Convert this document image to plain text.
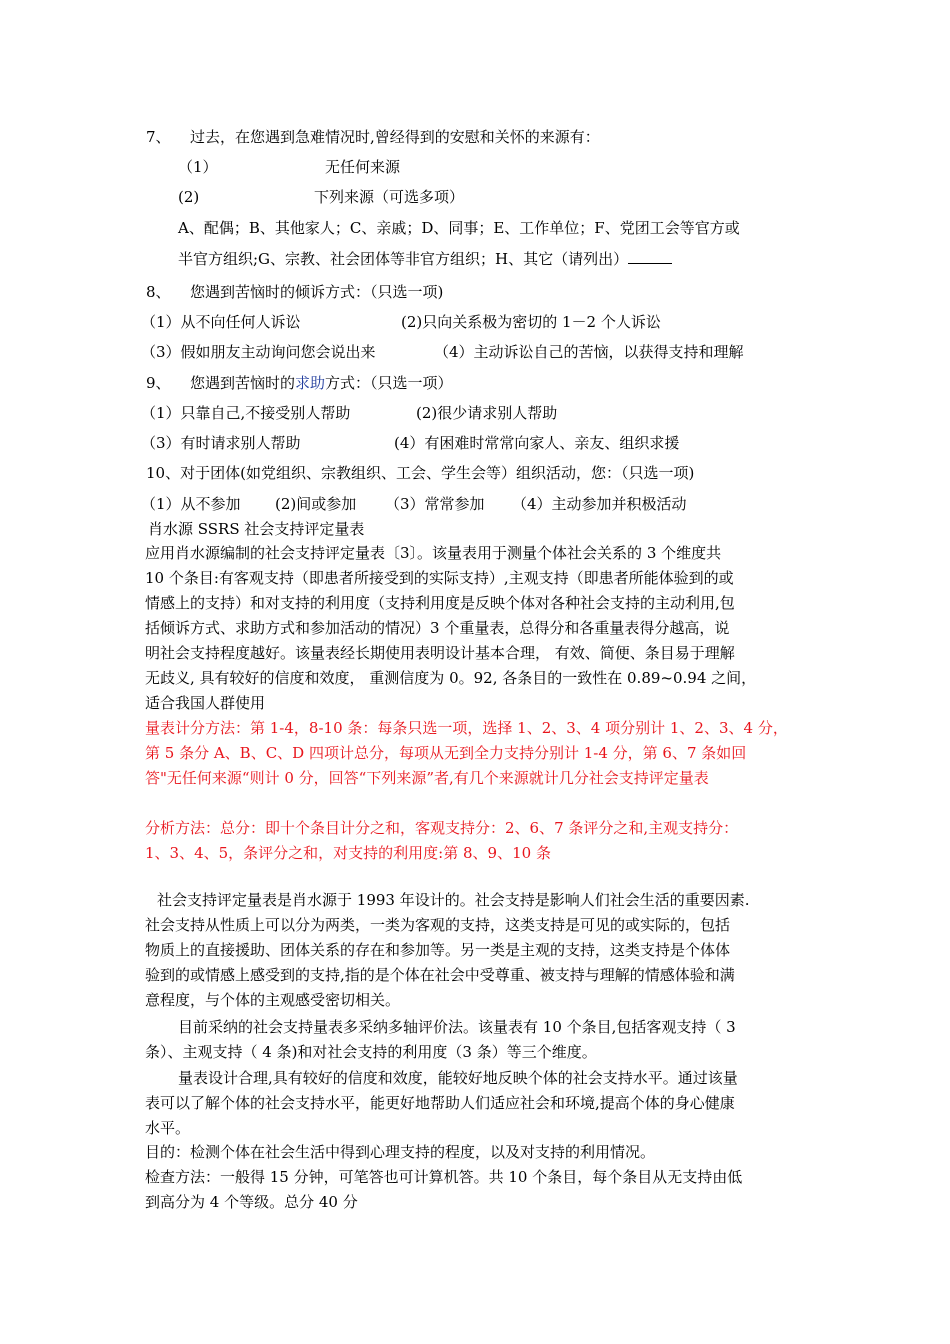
7、 过去，在您遇到急难情况时,曾经得到的安慰和关怀的来源有：
（1）	无任何来源
(2)	下列来源（可选多项）
A、配偶；B、其他家人；C、亲戚；D、同事；E、工作单位；F、党团工会等官方或
半官方组织;G、宗教、社会团体等非官方组织；H、其它（请列出）
8、 您遇到苦恼时的倾诉方式：（只选一项)
（1）从不向任何人诉讼	(2)只向关系极为密切的 1－2 个人诉讼
（3）假如朋友主动询问您会说出来	（4）主动诉讼自己的苦恼，以获得支持和理解
9、 您遇到苦恼时的求助方式：（只选一项）
（1）只靠自己,不接受别人帮助	(2)很少请求别人帮助
（3）有时请求别人帮助	(4）有困难时常常向家人、亲友、组织求援
10、对于团体(如党组织、宗教组织、工会、学生会等）组织活动，您：（只选一项)
（1）从不参加 (2)间或参加 （3）常常参加 （4）主动参加并积极活动
肖水源 SSRS 社会支持评定量表
应用肖水源编制的社会支持评定量表〔3〕。该量表用于测量个体社会关系的 3 个维度共
10 个条目:有客观支持（即患者所接受到的实际支持）,主观支持（即患者所能体验到的或
情感上的支持）和对支持的利用度（支持利用度是反映个体对各种社会支持的主动利用,包
括倾诉方式、求助方式和参加活动的情况）3 个重量表，总得分和各重量表得分越高，说
明社会支持程度越好。该量表经长期使用表明设计基本合理， 有效、简便、条目易于理解
无歧义, 具有较好的信度和效度， 重测信度为 0。92, 各条目的一致性在 0.89~0.94 之间，
适合我国人群使用
量表计分方法：第 1-4，8-10 条：每条只选一项，选择 1、2、3、4 项分别计 1、2、3、4 分，
第 5 条分 A、B、C、D 四项计总分，每项从无到全力支持分别计 1-4 分，第 6、7 条如回
答"无任何来源“则计 0 分，回答“下列来源”者,有几个来源就计几分社会支持评定量表
分析方法：总分：即十个条目计分之和，客观支持分：2、6、7 条评分之和,主观支持分：
1、3、4、5，条评分之和，对支持的利用度:第 8、9、10 条
社会支持评定量表是肖水源于 1993 年设计的。社会支持是影响人们社会生活的重要因素.
社会支持从性质上可以分为两类，一类为客观的支持，这类支持是可见的或实际的，包括
物质上的直接援助、团体关系的存在和参加等。另一类是主观的支持，这类支持是个体体
验到的或情感上感受到的支持,指的是个体在社会中受尊重、被支持与理解的情感体验和满
意程度，与个体的主观感受密切相关。
目前采纳的社会支持量表多采纳多轴评价法。该量表有 10 个条目,包括客观支持（ 3
条）、主观支持（ 4 条)和对社会支持的利用度（3 条）等三个维度。
量表设计合理,具有较好的信度和效度，能较好地反映个体的社会支持水平。通过该量
表可以了解个体的社会支持水平，能更好地帮助人们适应社会和环境,提高个体的身心健康
水平。
目的：检测个体在社会生活中得到心理支持的程度，以及对支持的利用情况。
检查方法：一般得 15 分钟，可笔答也可计算机答。共 10 个条目，每个条目从无支持由低
到高分为 4 个等级。总分 40 分
